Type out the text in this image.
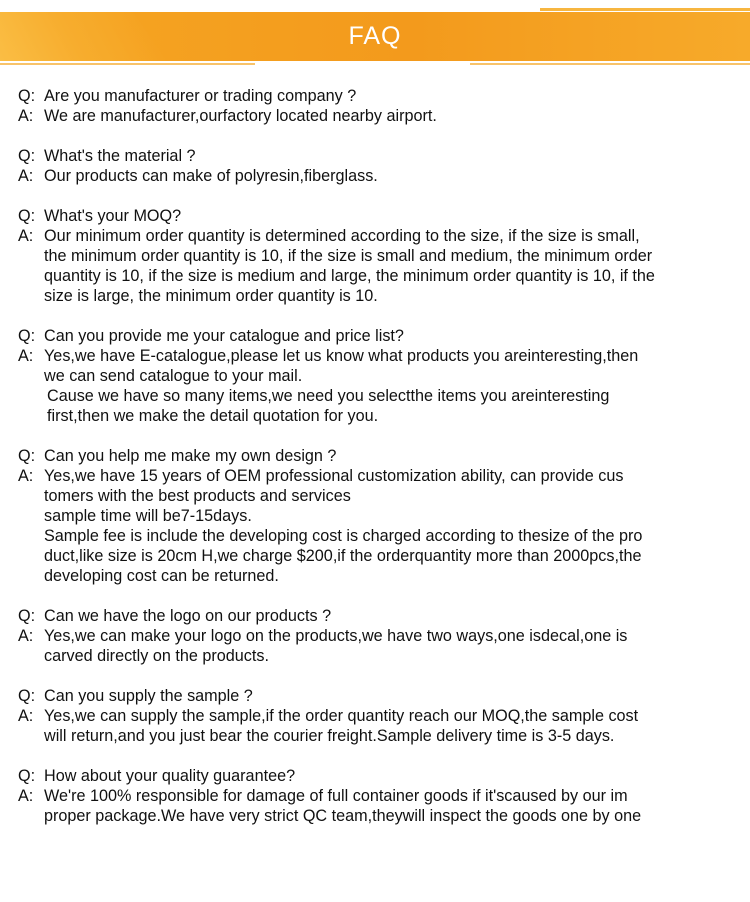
FAQ
Q: Are you manufacturer or trading company ?
A: We are manufacturer,ourfactory located nearby airport.
Q: What's the material ?
A: Our products can make of polyresin,fiberglass.
Q: What's your MOQ?
A: Our minimum order quantity is determined according to the size, if the size is small,
the minimum order quantity is 10, if the size is small and medium, the minimum order
quantity is 10, if the size is medium and large, the minimum order quantity is 10, if the
size is large, the minimum order quantity is 10.
Q: Can you provide me your catalogue and price list?
A: Yes,we have E-catalogue,please let us know what products you areinteresting,then
we can send catalogue to your mail.
Cause we have so many items,we need you selectthe items you areinteresting
first,then we make the detail quotation for you.
Q: Can you help me make my own design ?
A: Yes,we have 15 years of OEM professional customization ability, can provide cus
tomers with the best products and services
sample time will be7-15days.
Sample fee is include the developing cost is charged according to thesize of the pro
duct,like size is 20cm H,we charge $200,if the orderquantity more than 2000pcs,the
developing cost can be returned.
Q: Can we have the logo on our products ?
A: Yes,we can make your logo on the products,we have two ways,one isdecal,one is
carved directly on the products.
Q: Can you supply the sample ?
A: Yes,we can supply the sample,if the order quantity reach our MOQ,the sample cost
will return,and you just bear the courier freight.Sample delivery time is 3-5 days.
Q: How about your quality guarantee?
A: We're 100% responsible for damage of full container goods if it'scaused by our im
proper package.We have very strict QC team,theywill inspect the goods one by one
